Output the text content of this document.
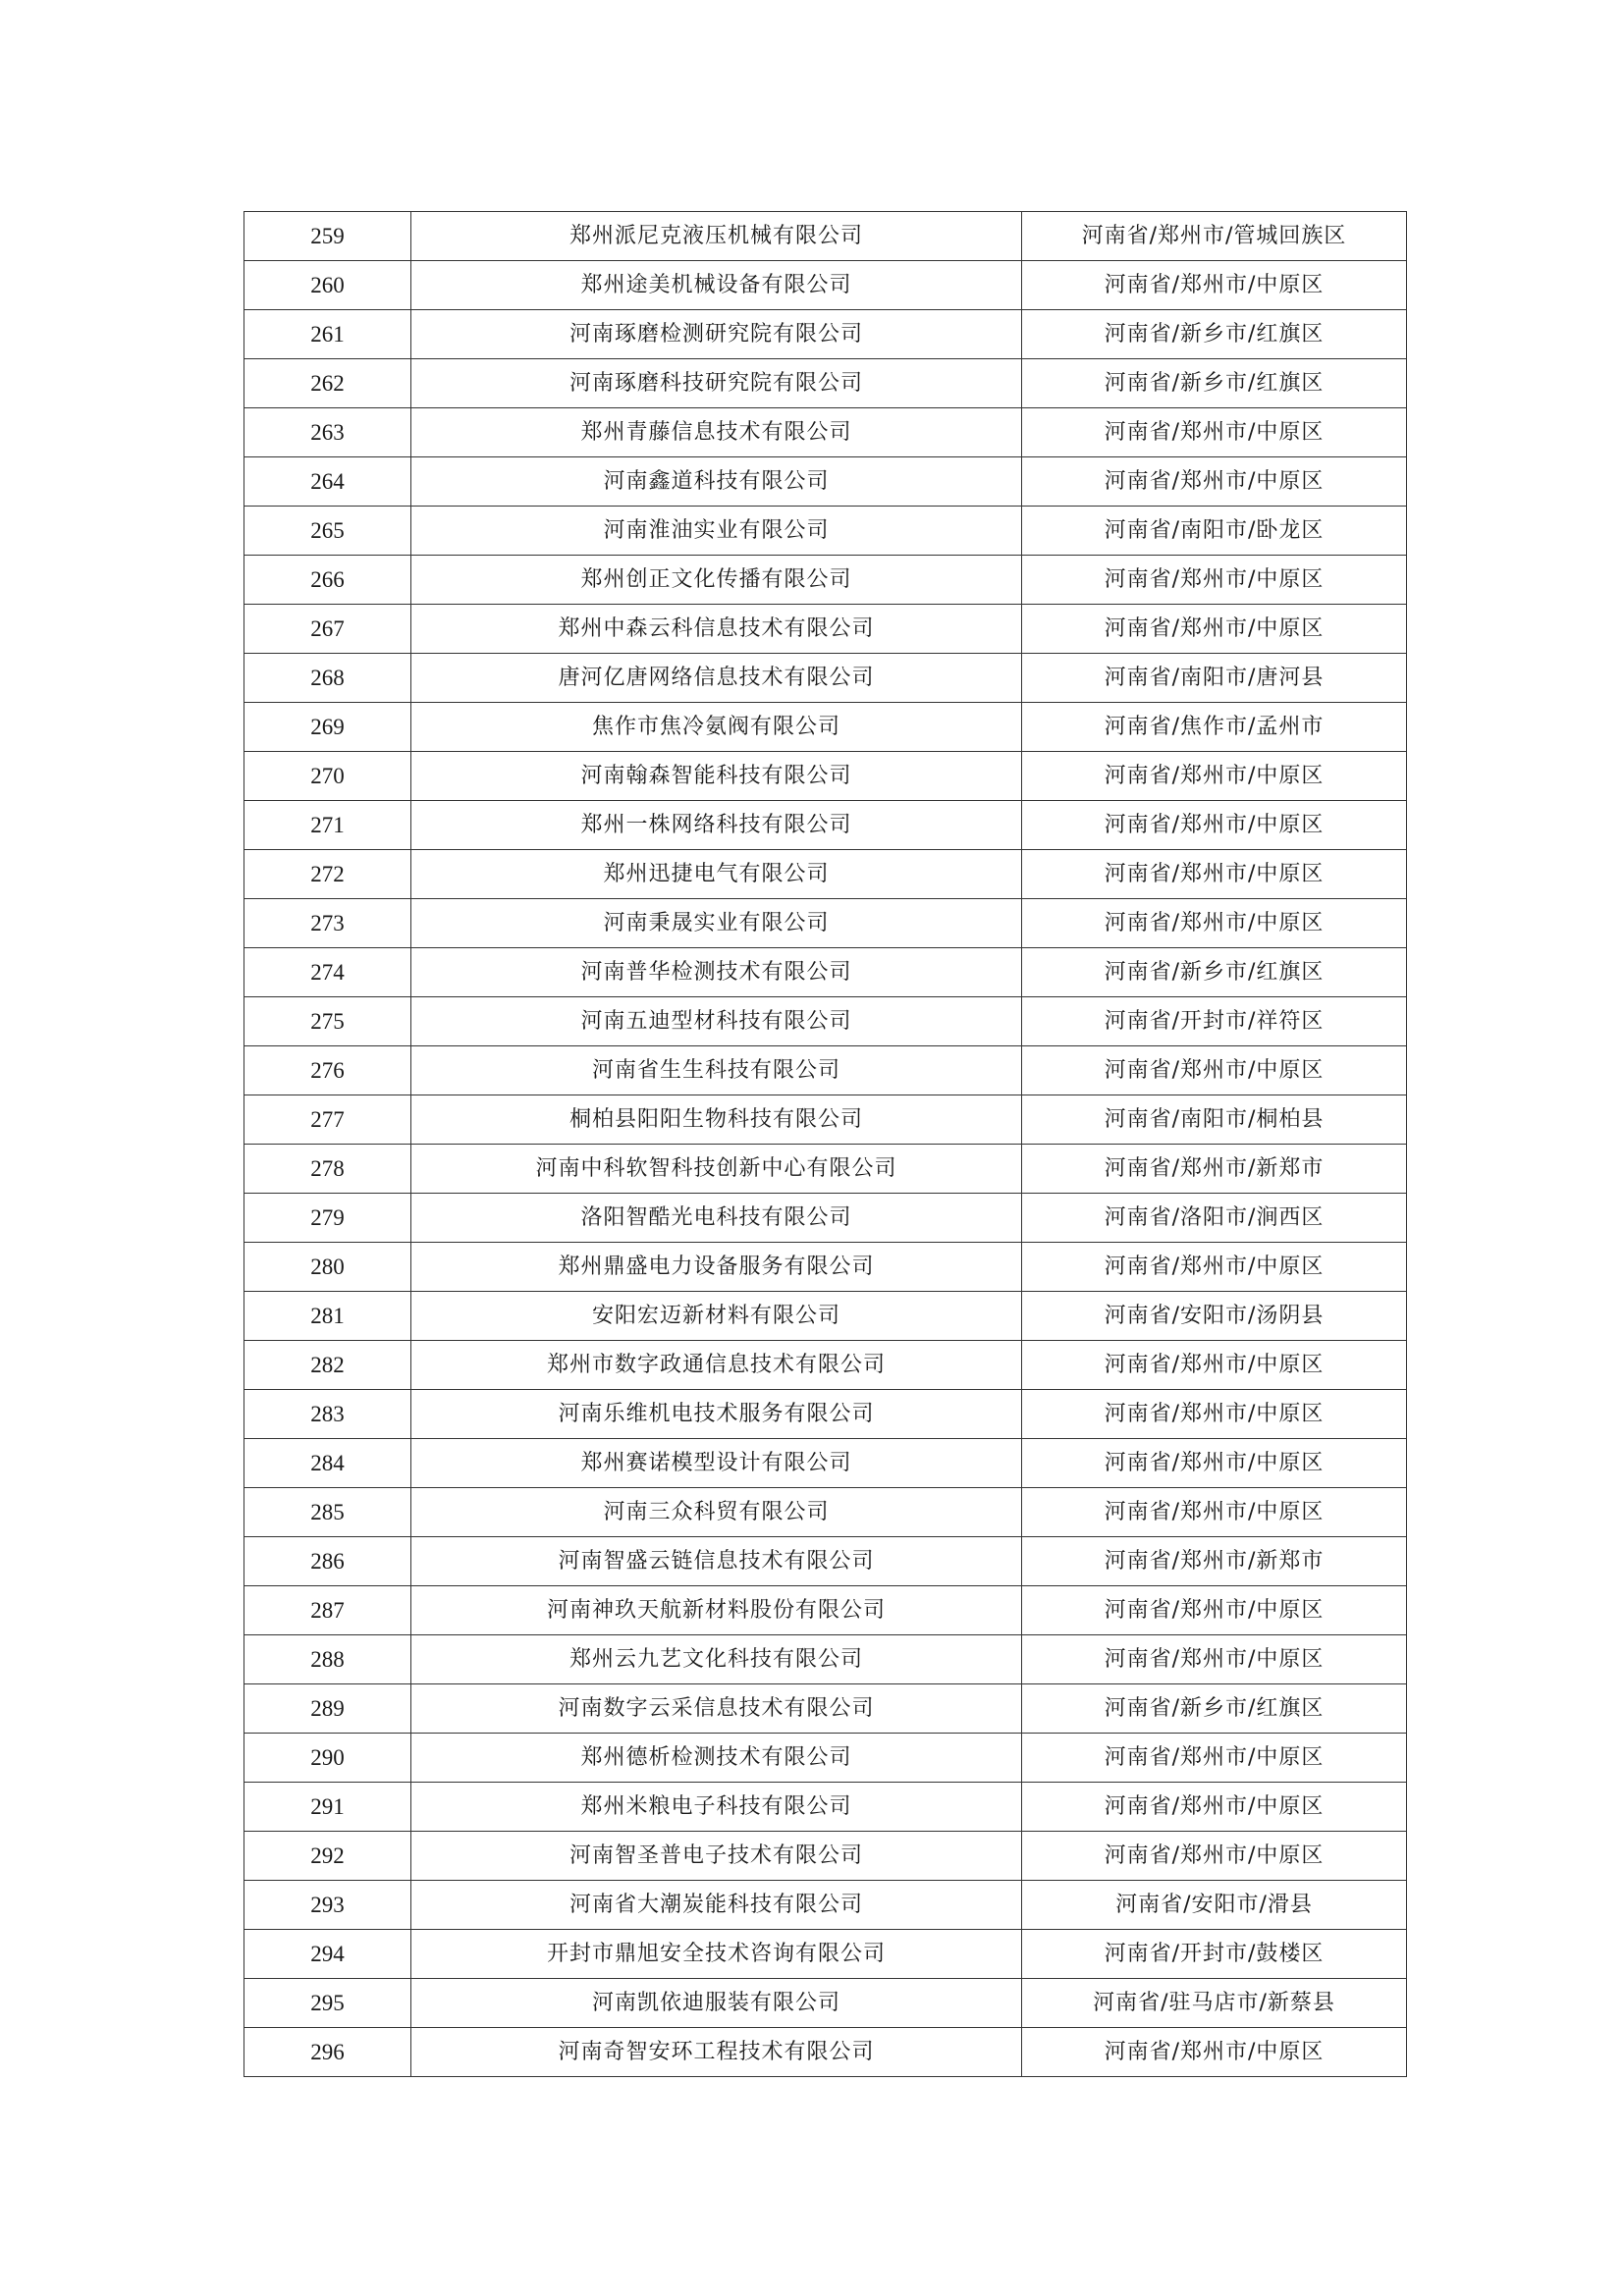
259	郑州派尼克液压机械有限公司	河南省/郑州市/管城回族区
260	郑州途美机械设备有限公司	河南省/郑州市/中原区
261	河南琢磨检测研究院有限公司	河南省/新乡市/红旗区
262	河南琢磨科技研究院有限公司	河南省/新乡市/红旗区
263	郑州青藤信息技术有限公司	河南省/郑州市/中原区
264	河南鑫道科技有限公司	河南省/郑州市/中原区
265	河南淮油实业有限公司	河南省/南阳市/卧龙区
266	郑州创正文化传播有限公司	河南省/郑州市/中原区
267	郑州中森云科信息技术有限公司	河南省/郑州市/中原区
268	唐河亿唐网络信息技术有限公司	河南省/南阳市/唐河县
269	焦作市焦冷氨阀有限公司	河南省/焦作市/孟州市
270	河南翰森智能科技有限公司	河南省/郑州市/中原区
271	郑州一株网络科技有限公司	河南省/郑州市/中原区
272	郑州迅捷电气有限公司	河南省/郑州市/中原区
273	河南秉晟实业有限公司	河南省/郑州市/中原区
274	河南普华检测技术有限公司	河南省/新乡市/红旗区
275	河南五迪型材科技有限公司	河南省/开封市/祥符区
276	河南省生生科技有限公司	河南省/郑州市/中原区
277	桐柏县阳阳生物科技有限公司	河南省/南阳市/桐柏县
278	河南中科软智科技创新中心有限公司	河南省/郑州市/新郑市
279	洛阳智酷光电科技有限公司	河南省/洛阳市/涧西区
280	郑州鼎盛电力设备服务有限公司	河南省/郑州市/中原区
281	安阳宏迈新材料有限公司	河南省/安阳市/汤阴县
282	郑州市数字政通信息技术有限公司	河南省/郑州市/中原区
283	河南乐维机电技术服务有限公司	河南省/郑州市/中原区
284	郑州赛诺模型设计有限公司	河南省/郑州市/中原区
285	河南三众科贸有限公司	河南省/郑州市/中原区
286	河南智盛云链信息技术有限公司	河南省/郑州市/新郑市
287	河南神玖天航新材料股份有限公司	河南省/郑州市/中原区
288	郑州云九艺文化科技有限公司	河南省/郑州市/中原区
289	河南数字云采信息技术有限公司	河南省/新乡市/红旗区
290	郑州德析检测技术有限公司	河南省/郑州市/中原区
291	郑州米粮电子科技有限公司	河南省/郑州市/中原区
292	河南智圣普电子技术有限公司	河南省/郑州市/中原区
293	河南省大潮炭能科技有限公司	河南省/安阳市/滑县
294	开封市鼎旭安全技术咨询有限公司	河南省/开封市/鼓楼区
295	河南凯依迪服装有限公司	河南省/驻马店市/新蔡县
296	河南奇智安环工程技术有限公司	河南省/郑州市/中原区
